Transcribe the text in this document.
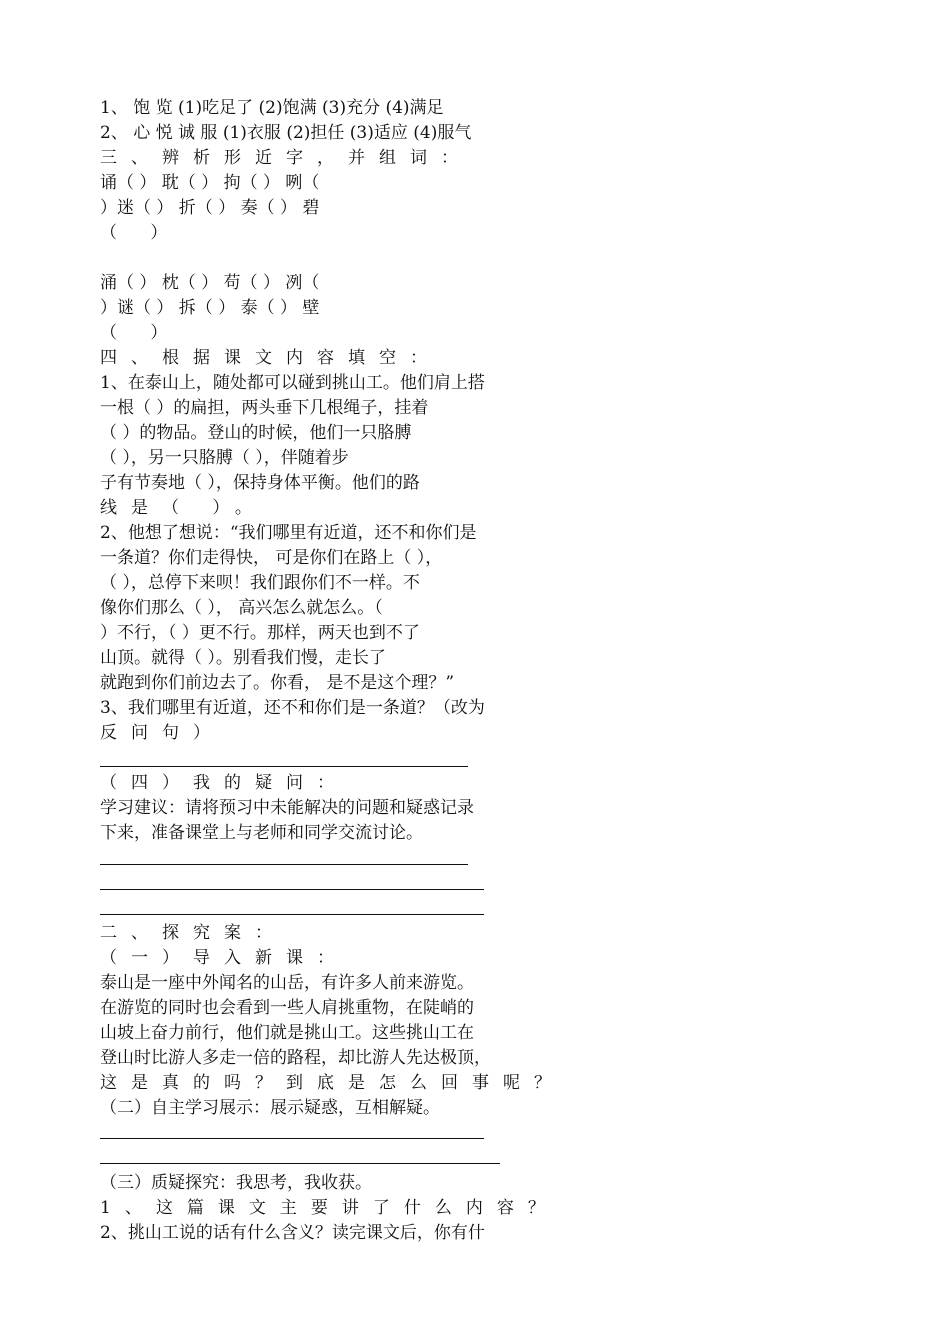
1、 饱 览 (1)吃足了 (2)饱满 (3)充分 (4)满足
2、 心 悦 诚 服 (1)衣服 (2)担任 (3)适应 (4)服气
三、辨析形近字，并组词：
诵（ ） 耽（ ） 拘（ ） 咧（
）迷（ ） 折（ ） 奏（ ） 碧
（ ）
涌（ ） 枕（ ） 苟（ ） 冽（
）谜（ ） 拆（ ） 泰（ ） 壁
（ ）
四、根据课文内容填空：
1、在泰山上，随处都可以碰到挑山工。他们肩上搭
一根（ ）的扁担，两头垂下几根绳子，挂着
（ ）的物品。登山的时候，他们一只胳膊
（ ），另一只胳膊（ ），伴随着步
子有节奏地（ ），保持身体平衡。他们的路
线是（ ）。
2、他想了想说：“我们哪里有近道，还不和你们是
一条道？你们走得快， 可是你们在路上（ ），
（ ），总停下来呗！我们跟你们不一样。不
像你们那么（ ）， 高兴怎么就怎么。（
）不行，（ ）更不行。那样，两天也到不了
山顶。就得（ ）。别看我们慢，走长了
就跑到你们前边去了。你看， 是不是这个理？”
3、我们哪里有近道，还不和你们是一条道？（改为
反问句）
（四）我的疑问：
学习建议：请将预习中未能解决的问题和疑惑记录
下来，准备课堂上与老师和同学交流讨论。
二、探究案：
（一）导入新课：
泰山是一座中外闻名的山岳，有许多人前来游览。
在游览的同时也会看到一些人肩挑重物，在陡峭的
山坡上奋力前行，他们就是挑山工。这些挑山工在
登山时比游人多走一倍的路程，却比游人先达极顶，
这是真的吗？到底是怎么回事呢？
（二）自主学习展示：展示疑惑，互相解疑。
（三）质疑探究：我思考，我收获。
1、这篇课文主要讲了什么内容？
2、挑山工说的话有什么含义？读完课文后，你有什
